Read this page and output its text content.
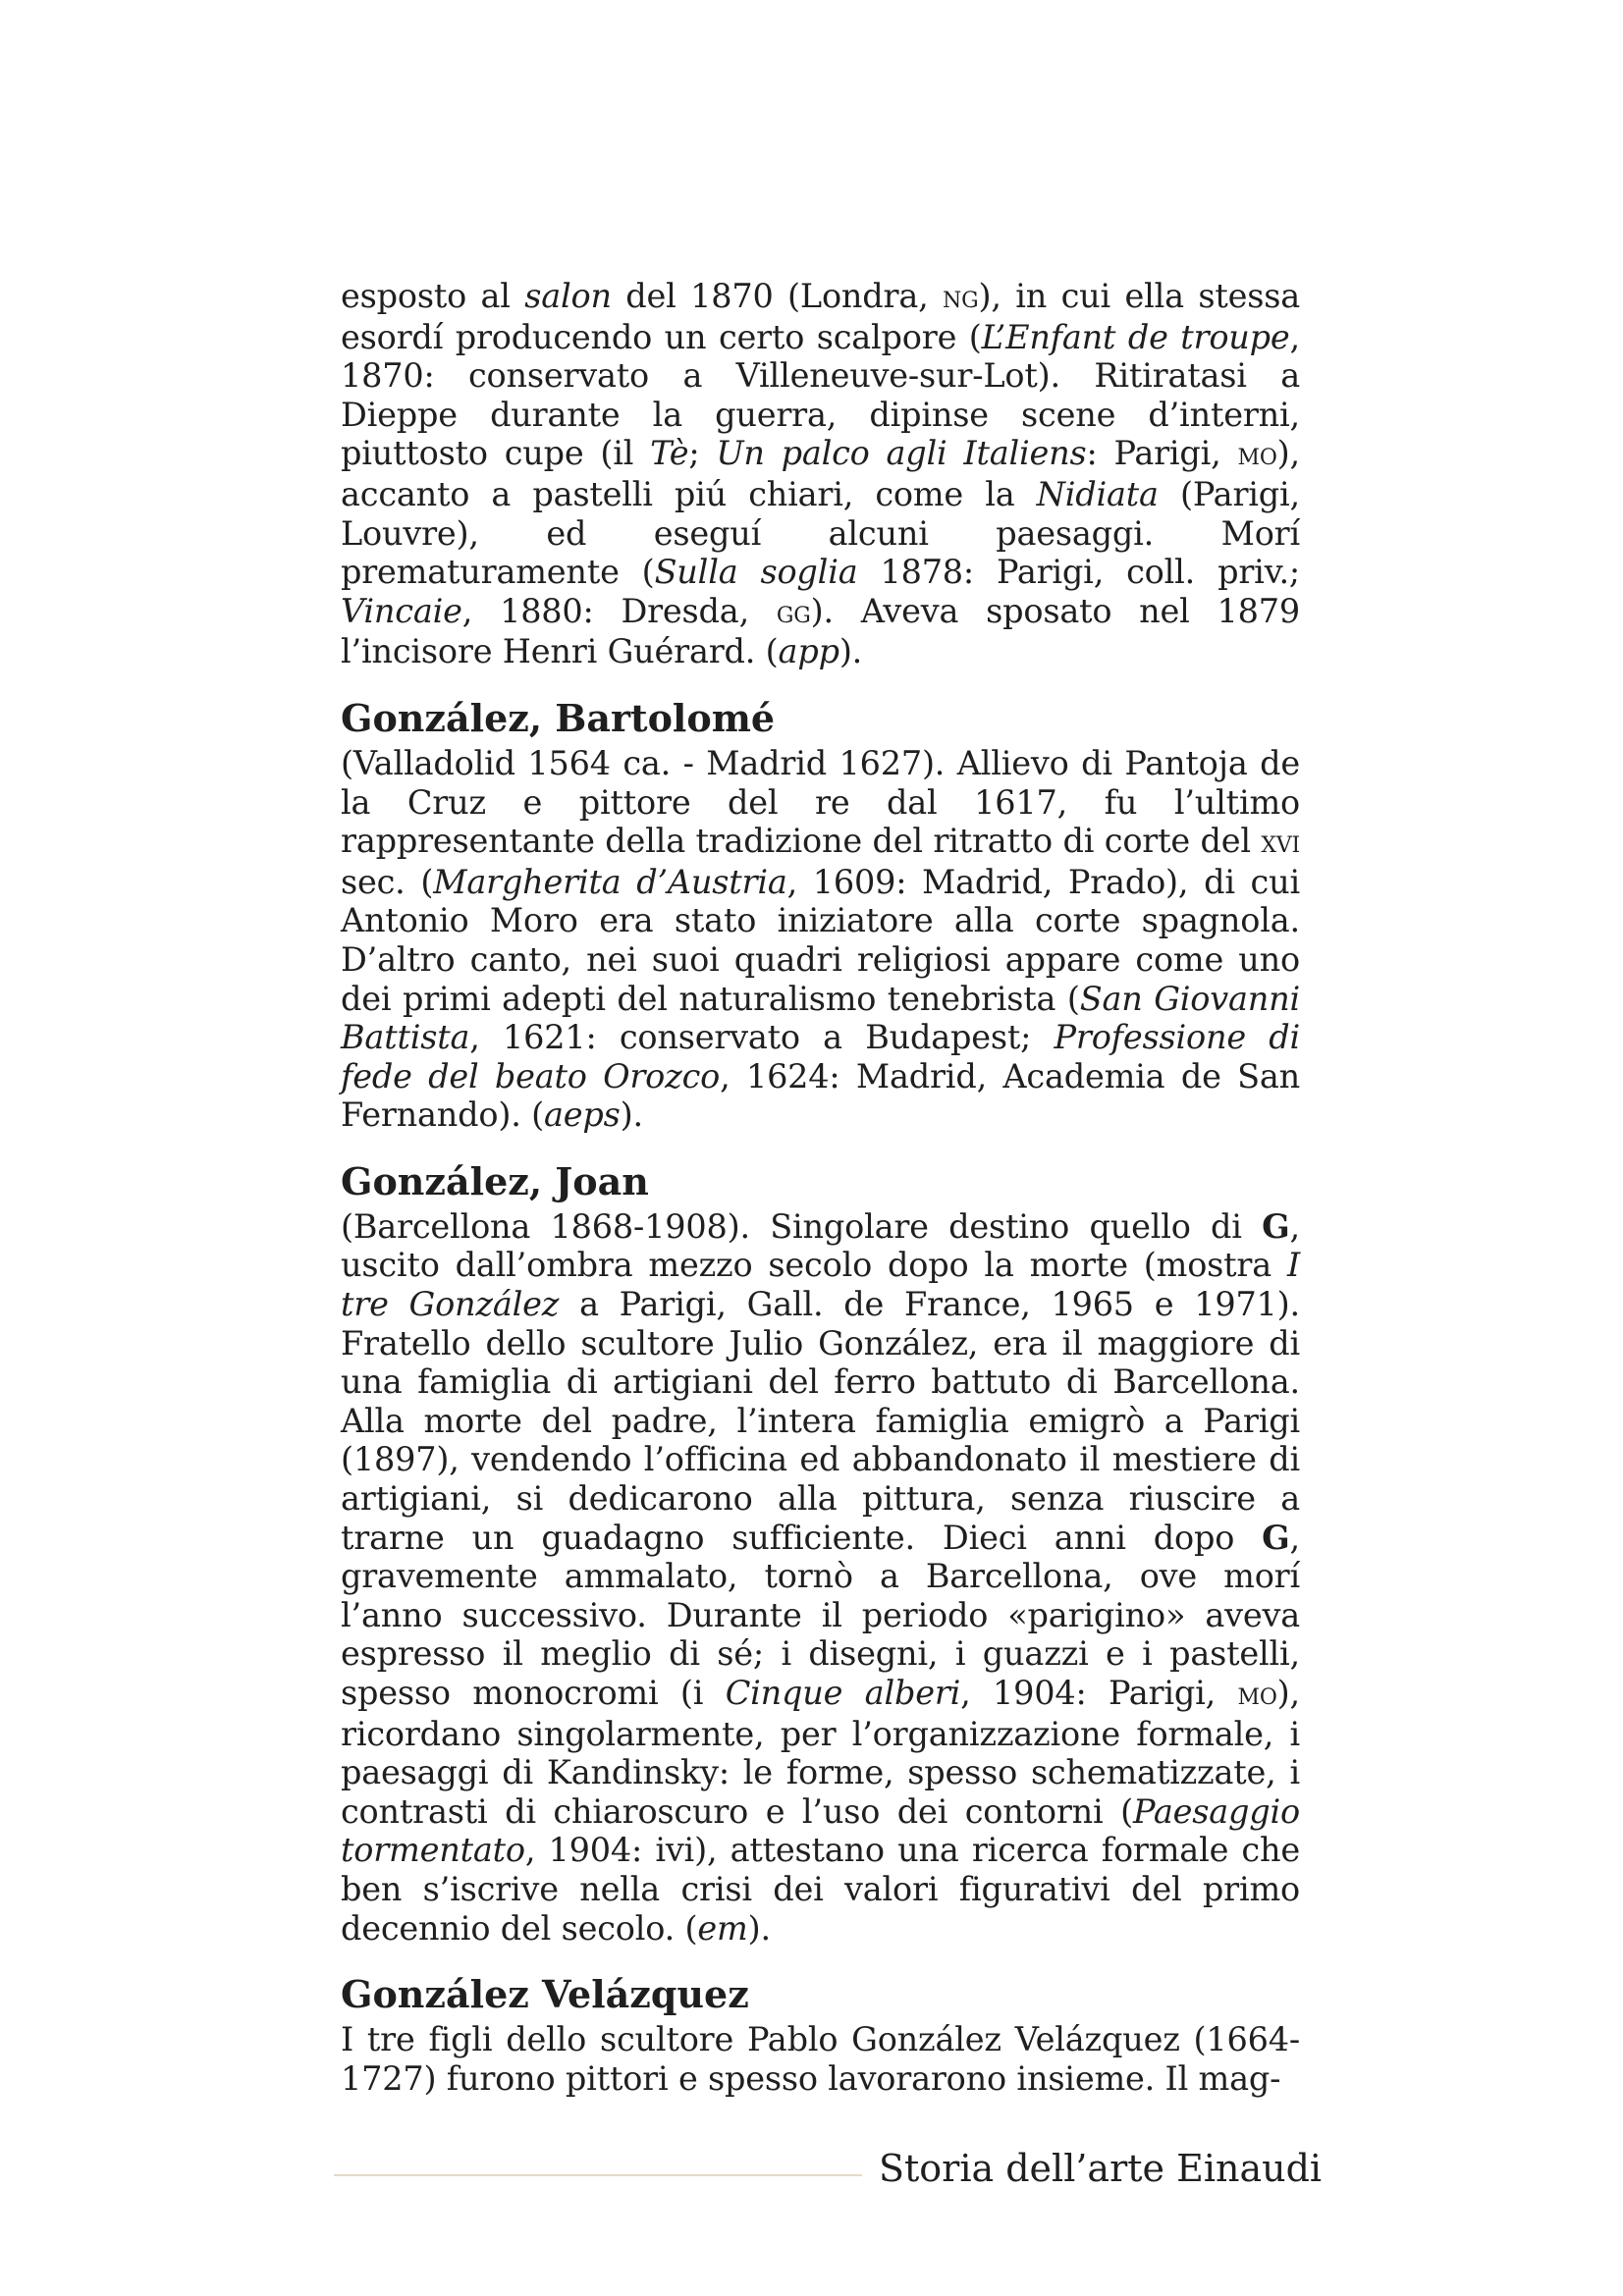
esposto al salon del 1870 (Londra, ng), in cui ella stessa esordí producendo un certo scalpore (L’Enfant de troupe, 1870: conservato a Villeneuve-sur-Lot). Ritiratasi a Dieppe durante la guerra, dipinse scene d’interni, piuttosto cupe (il Tè; Un palco agli Italiens: Parigi, mo), accanto a pastelli piú chiari, come la Nidiata (Parigi, Louvre), ed eseguí alcuni paesaggi. Morí prematuramente (Sulla soglia 1878: Parigi, coll. priv.; Vincaie, 1880: Dresda, gg). Aveva sposato nel 1879 l’incisore Henri Guérard. (app).

González, Bartolomé

(Valladolid 1564 ca. - Madrid 1627). Allievo di Pantoja de la Cruz e pittore del re dal 1617, fu l’ultimo rappresentante della tradizione del ritratto di corte del xvi sec. (Margherita d’Austria, 1609: Madrid, Prado), di cui Antonio Moro era stato iniziatore alla corte spagnola. D’altro canto, nei suoi quadri religiosi appare come uno dei primi adepti del naturalismo tenebrista (San Giovanni Battista, 1621: conservato a Budapest; Professione di fede del beato Orozco, 1624: Madrid, Academia de San Fernando). (aeps).

González, Joan

(Barcellona 1868-1908). Singolare destino quello di G, uscito dall’ombra mezzo secolo dopo la morte (mostra I tre González a Parigi, Gall. de France, 1965 e 1971). Fratello dello scultore Julio González, era il maggiore di una famiglia di artigiani del ferro battuto di Barcellona. Alla morte del padre, l’intera famiglia emigrò a Parigi (1897), vendendo l’officina ed abbandonato il mestiere di artigiani, si dedicarono alla pittura, senza riuscire a trarne un guadagno sufficiente. Dieci anni dopo G, gravemente ammalato, tornò a Barcellona, ove morí l’anno successivo. Durante il periodo «parigino» aveva espresso il meglio di sé; i disegni, i guazzi e i pastelli, spesso monocromi (i Cinque alberi, 1904: Parigi, mo), ricordano singolarmente, per l’organizzazione formale, i paesaggi di Kandinsky: le forme, spesso schematizzate, i contrasti di chiaroscuro e l’uso dei contorni (Paesaggio tormentato, 1904: ivi), attestano una ricerca formale che ben s’iscrive nella crisi dei valori figurativi del primo decennio del secolo. (em).

González Velázquez

I tre figli dello scultore Pablo González Velázquez (1664-1727) furono pittori e spesso lavorarono insieme. Il mag-

Storia dell’arte Einaudi
